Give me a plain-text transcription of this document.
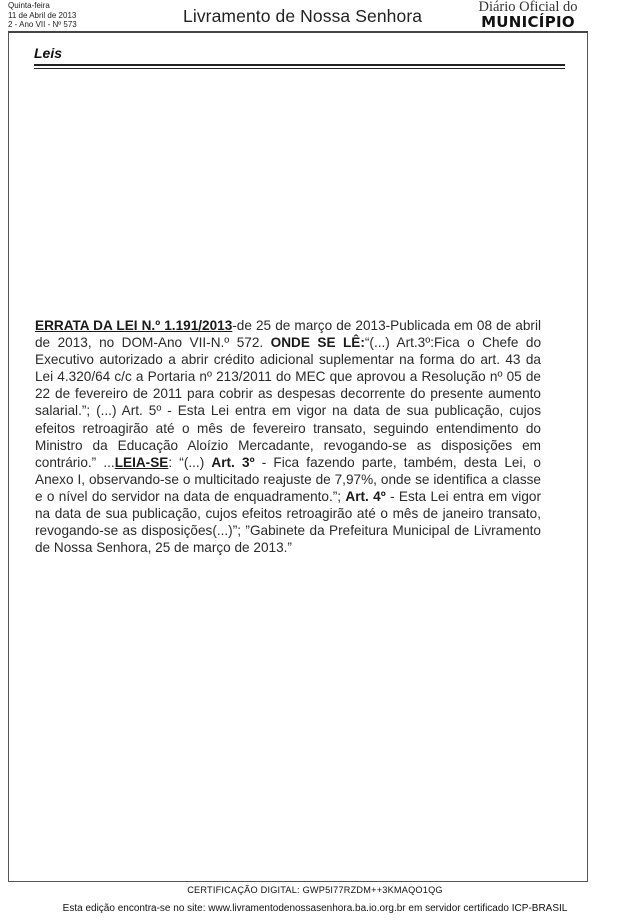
Quinta-feira
11 de Abril de 2013
2 - Ano VII - Nº 573	Livramento de Nossa Senhora	Diário Oficial do
MUNICÍPIO
Leis
ERRATA DA LEI N.º 1.191/2013-de 25 de março de 2013-Publicada em 08 de abril de 2013, no DOM-Ano VII-N.º 572. ONDE SE LÊ:“(...) Art.3º:Fica o Chefe do Executivo autorizado a abrir crédito adicional suplementar na forma do art. 43 da Lei 4.320/64 c/c a Portaria nº 213/2011 do MEC que aprovou a Resolução nº 05 de 22 de fevereiro de 2011 para cobrir as despesas decorrente do presente aumento salarial.”; (...) Art. 5º - Esta Lei entra em vigor na data de sua publicação, cujos efeitos retroagirão até o mês de fevereiro transato, seguindo entendimento do Ministro da Educação Aloízio Mercadante, revogando-se as disposições em contrário.” ...LEIA-SE: “(...) Art. 3º - Fica fazendo parte, também, desta Lei, o Anexo I, observando-se o multicitado reajuste de 7,97%, onde se identifica a classe e o nível do servidor na data de enquadramento.”; Art. 4º - Esta Lei entra em vigor na data de sua publicação, cujos efeitos retroagirão até o mês de janeiro transato, revogando-se as disposições(...)”; ”Gabinete da Prefeitura Municipal de Livramento de Nossa Senhora, 25 de março de 2013.”
CERTIFICAÇÃO DIGITAL: GWP5I77RZDM++3KMAQO1QG
Esta edição encontra-se no site: www.livramentodenossasenhora.ba.io.org.br em servidor certificado ICP-BRASIL
